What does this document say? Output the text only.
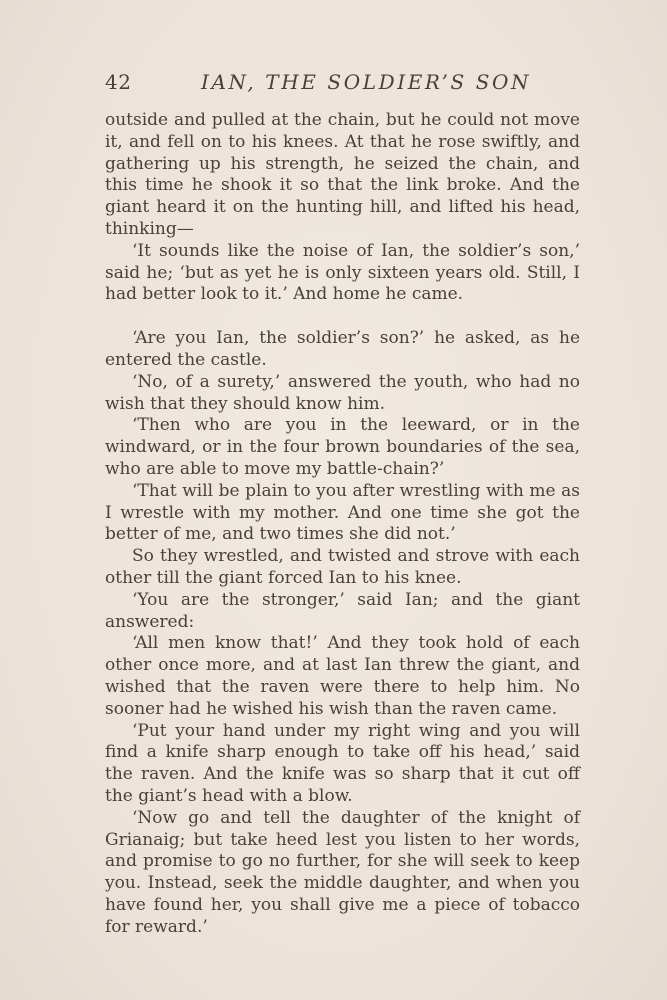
42	IAN, THE SOLDIER’S SON

outside and pulled at the chain, but he could not move it, and fell on to his knees. At that he rose swiftly, and gathering up his strength, he seized the chain, and this time he shook it so that the link broke. And the giant heard it on the hunting hill, and lifted his head, thinking—

‘It sounds like the noise of Ian, the soldier’s son,’ said he; ‘but as yet he is only sixteen years old. Still, I had better look to it.’ And home he came.

‘Are you Ian, the soldier’s son?’ he asked, as he entered the castle.

‘No, of a surety,’ answered the youth, who had no wish that they should know him.

‘Then who are you in the leeward, or in the windward, or in the four brown boundaries of the sea, who are able to move my battle-chain?’

‘That will be plain to you after wrestling with me as I wrestle with my mother. And one time she got the better of me, and two times she did not.’

So they wrestled, and twisted and strove with each other till the giant forced Ian to his knee.

‘You are the stronger,’ said Ian; and the giant answered:

‘All men know that!’ And they took hold of each other once more, and at last Ian threw the giant, and wished that the raven were there to help him. No sooner had he wished his wish than the raven came.

‘Put your hand under my right wing and you will find a knife sharp enough to take off his head,’ said the raven. And the knife was so sharp that it cut off the giant’s head with a blow.

‘Now go and tell the daughter of the knight of Grianaig; but take heed lest you listen to her words, and promise to go no further, for she will seek to keep you. Instead, seek the middle daughter, and when you have found her, you shall give me a piece of tobacco for reward.’
